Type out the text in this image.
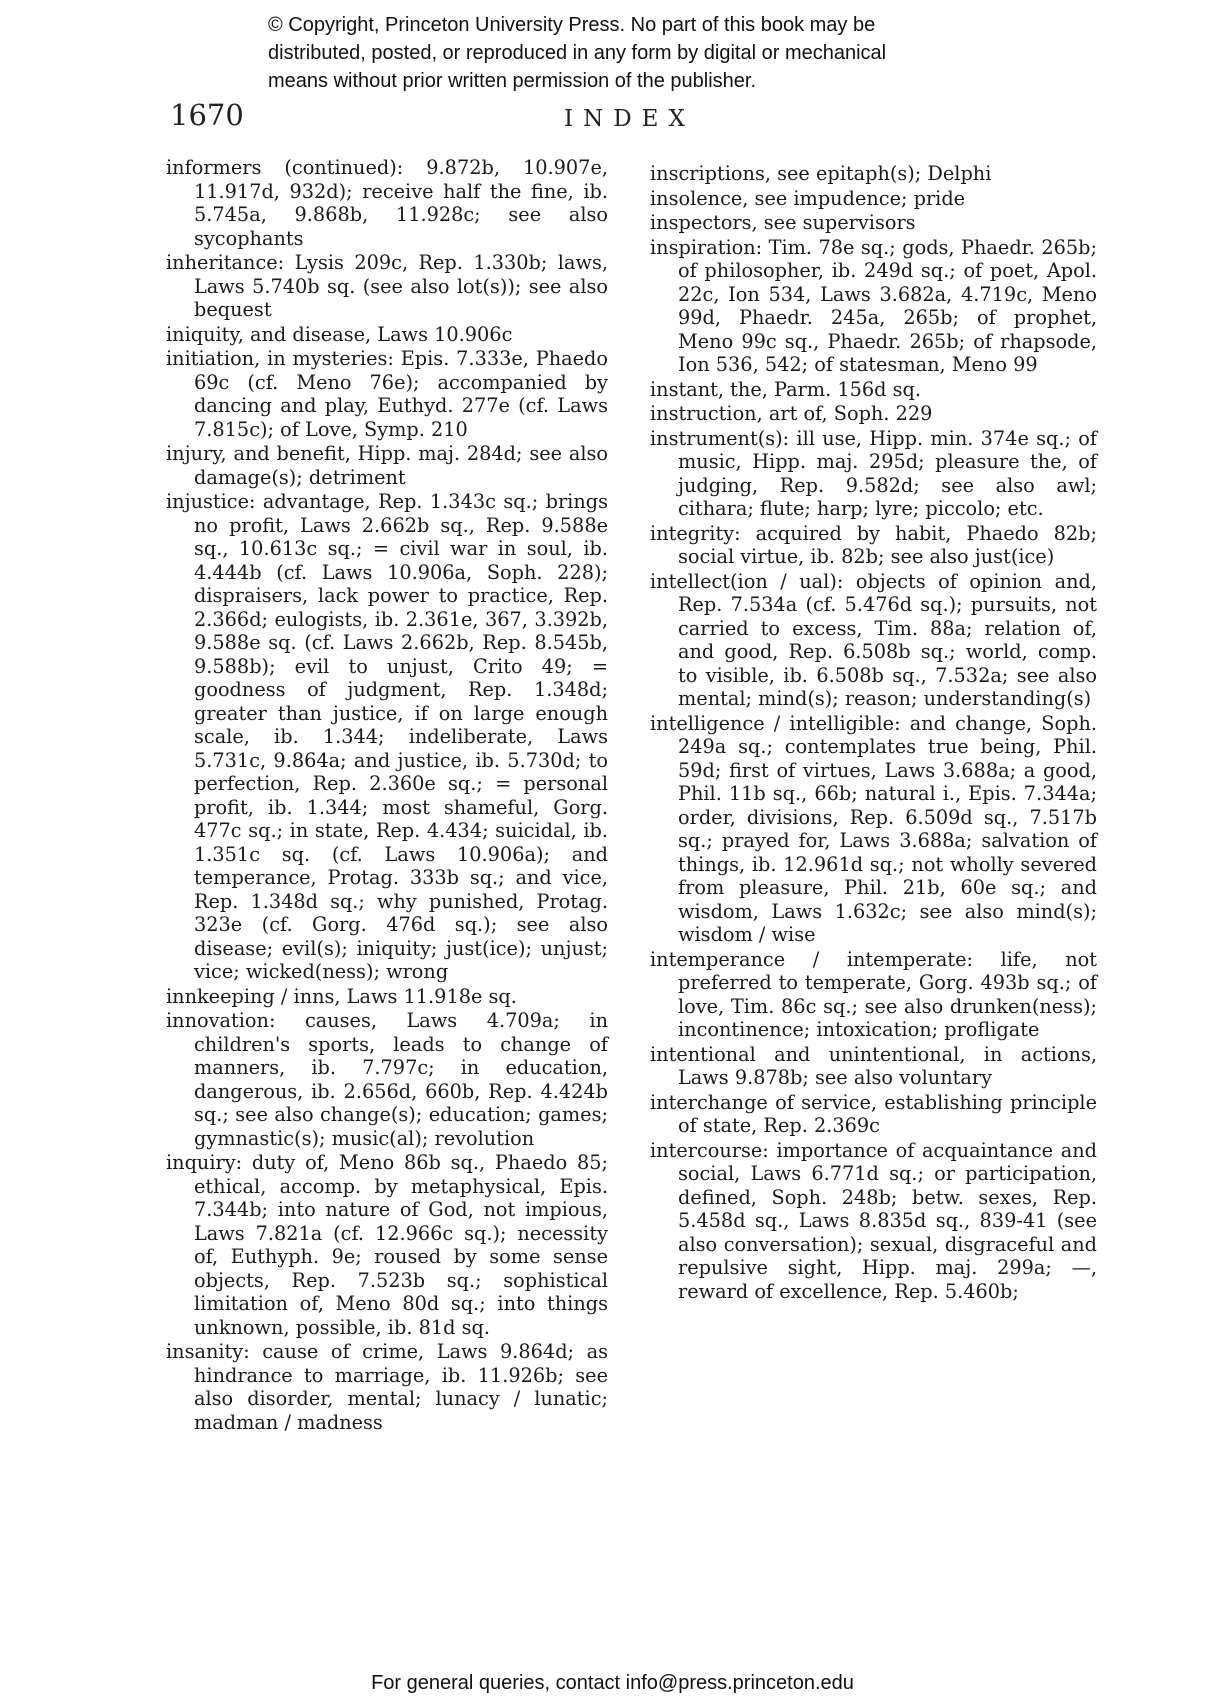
© Copyright, Princeton University Press. No part of this book may be
distributed, posted, or reproduced in any form by digital or mechanical
means without prior written permission of the publisher.
1670	INDEX

informers (continued): 9.872b, 10.907e, 11.917d, 932d); receive half the fine, ib. 5.745a, 9.868b, 11.928c; see also sycophants

inheritance: Lysis 209c, Rep. 1.330b; laws, Laws 5.740b sq. (see also lot(s)); see also bequest

iniquity, and disease, Laws 10.906c

initiation, in mysteries: Epis. 7.333e, Phaedo 69c (cf. Meno 76e); accompanied by dancing and play, Euthyd. 277e (cf. Laws 7.815c); of Love, Symp. 210

injury, and benefit, Hipp. maj. 284d; see also damage(s); detriment

injustice: advantage, Rep. 1.343c sq.; brings no profit, Laws 2.662b sq., Rep. 9.588e sq., 10.613c sq.; = civil war in soul, ib. 4.444b (cf. Laws 10.906a, Soph. 228); dispraisers, lack power to practice, Rep. 2.366d; eulogists, ib. 2.361e, 367, 3.392b, 9.588e sq. (cf. Laws 2.662b, Rep. 8.545b, 9.588b); evil to unjust, Crito 49; = goodness of judgment, Rep. 1.348d; greater than justice, if on large enough scale, ib. 1.344; indeliberate, Laws 5.731c, 9.864a; and justice, ib. 5.730d; to perfection, Rep. 2.360e sq.; = personal profit, ib. 1.344; most shameful, Gorg. 477c sq.; in state, Rep. 4.434; suicidal, ib. 1.351c sq. (cf. Laws 10.906a); and temperance, Protag. 333b sq.; and vice, Rep. 1.348d sq.; why punished, Protag. 323e (cf. Gorg. 476d sq.); see also disease; evil(s); iniquity; just(ice); unjust; vice; wicked(ness); wrong

innkeeping / inns, Laws 11.918e sq.

innovation: causes, Laws 4.709a; in children's sports, leads to change of manners, ib. 7.797c; in education, dangerous, ib. 2.656d, 660b, Rep. 4.424b sq.; see also change(s); education; games; gymnastic(s); music(al); revolution

inquiry: duty of, Meno 86b sq., Phaedo 85; ethical, accomp. by metaphysical, Epis. 7.344b; into nature of God, not impious, Laws 7.821a (cf. 12.966c sq.); necessity of, Euthyph. 9e; roused by some sense objects, Rep. 7.523b sq.; sophistical limitation of, Meno 80d sq.; into things unknown, possible, ib. 81d sq.

insanity: cause of crime, Laws 9.864d; as hindrance to marriage, ib. 11.926b; see also disorder, mental; lunacy / lunatic; madman / madness

inscriptions, see epitaph(s); Delphi

insolence, see impudence; pride

inspectors, see supervisors

inspiration: Tim. 78e sq.; gods, Phaedr. 265b; of philosopher, ib. 249d sq.; of poet, Apol. 22c, Ion 534, Laws 3.682a, 4.719c, Meno 99d, Phaedr. 245a, 265b; of prophet, Meno 99c sq., Phaedr. 265b; of rhapsode, Ion 536, 542; of statesman, Meno 99

instant, the, Parm. 156d sq.

instruction, art of, Soph. 229

instrument(s): ill use, Hipp. min. 374e sq.; of music, Hipp. maj. 295d; pleasure the, of judging, Rep. 9.582d; see also awl; cithara; flute; harp; lyre; piccolo; etc.

integrity: acquired by habit, Phaedo 82b; social virtue, ib. 82b; see also just(ice)

intellect(ion / ual): objects of opinion and, Rep. 7.534a (cf. 5.476d sq.); pursuits, not carried to excess, Tim. 88a; relation of, and good, Rep. 6.508b sq.; world, comp. to visible, ib. 6.508b sq., 7.532a; see also mental; mind(s); reason; understanding(s)

intelligence / intelligible: and change, Soph. 249a sq.; contemplates true being, Phil. 59d; first of virtues, Laws 3.688a; a good, Phil. 11b sq., 66b; natural i., Epis. 7.344a; order, divisions, Rep. 6.509d sq., 7.517b sq.; prayed for, Laws 3.688a; salvation of things, ib. 12.961d sq.; not wholly severed from pleasure, Phil. 21b, 60e sq.; and wisdom, Laws 1.632c; see also mind(s); wisdom / wise

intemperance / intemperate: life, not preferred to temperate, Gorg. 493b sq.; of love, Tim. 86c sq.; see also drunken(ness); incontinence; intoxication; profligate

intentional and unintentional, in actions, Laws 9.878b; see also voluntary

interchange of service, establishing principle of state, Rep. 2.369c

intercourse: importance of acquaintance and social, Laws 6.771d sq.; or participation, defined, Soph. 248b; betw. sexes, Rep. 5.458d sq., Laws 8.835d sq., 839-41 (see also conversation); sexual, disgraceful and repulsive sight, Hipp. maj. 299a; —, reward of excellence, Rep. 5.460b;

For general queries, contact info@press.princeton.edu
